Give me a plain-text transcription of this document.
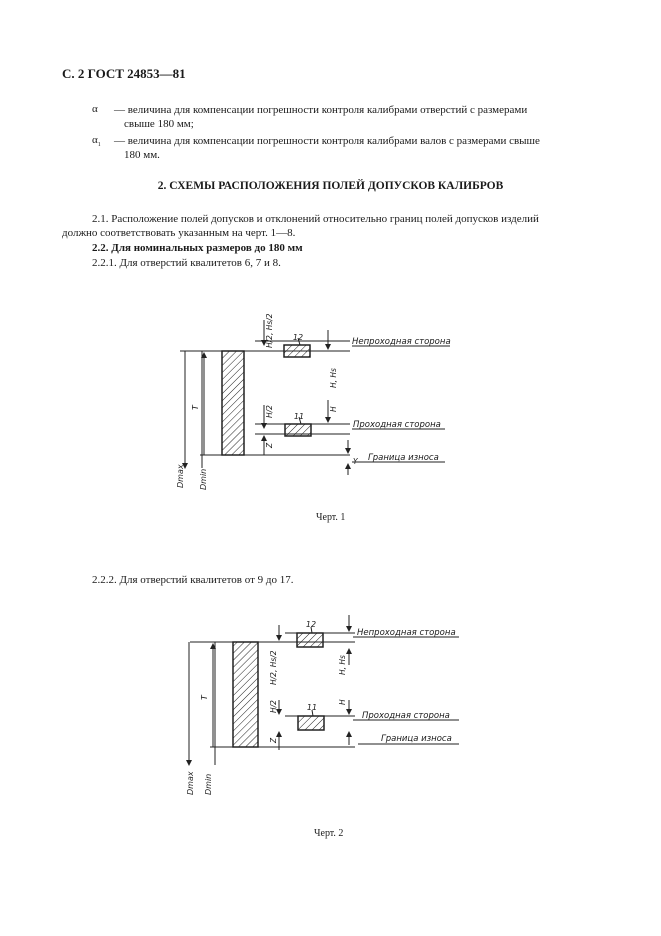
С. 2 ГОСТ 24853—81
α — величина для компенсации погрешности контроля калибрами отверстий с размерами
свыше 180 мм;
$\alpha_1$ — величина для компенсации погрешности контроля калибрами валов с размерами свыше
180 мм.
2. СХЕМЫ РАСПОЛОЖЕНИЯ ПОЛЕЙ ДОПУСКОВ КАЛИБРОВ
2.1. Расположение полей допусков и отклонений относительно границ полей допусков изделий
должно соответствовать указанным на черт. 1—8.
2.2. Для номинальных размеров до 180 мм
2.2.1. Для отверстий квалитетов 6, 7 и 8.
12
11
Непроходная сторона
Проходная сторона
Граница износа
H/2, Hs/2
H, Hs
H/2	H
Z
Y
T
Dmax Dmin
Черт. 1
2.2.2. Для отверстий квалитетов от 9 до 17.
12
11
Непроходная сторона
Проходная сторона
Граница износа
H/2, Hs/2	H, Hs
H/2	H
Z
T
Dmax Dmin
Черт. 2
